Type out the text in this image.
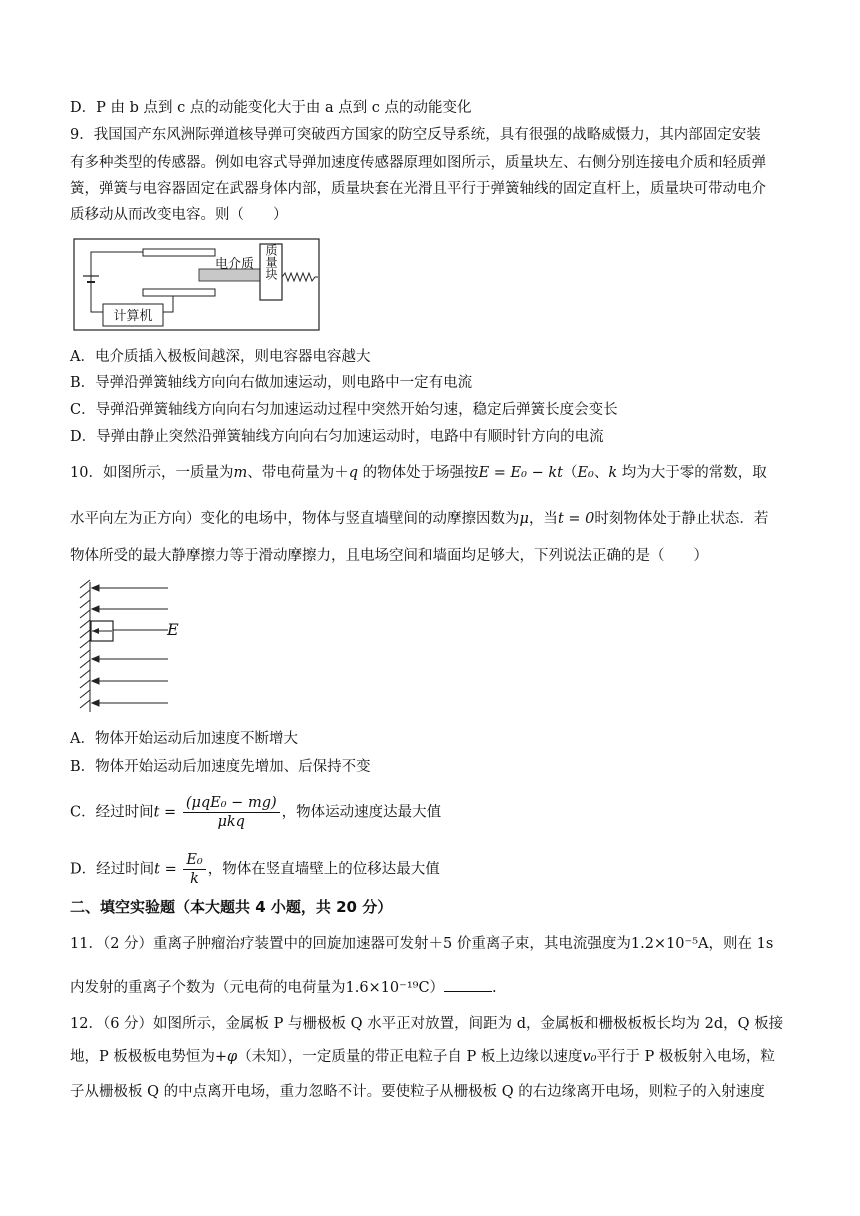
D．P 由 b 点到 c 点的动能变化大于由 a 点到 c 点的动能变化
9．我国国产东风洲际弹道核导弹可突破西方国家的防空反导系统，具有很强的战略威慑力，其内部固定安装
有多种类型的传感器。例如电容式导弹加速度传感器原理如图所示，质量块左、右侧分别连接电介质和轻质弹
簧，弹簧与电容器固定在武器身体内部，质量块套在光滑且平行于弹簧轴线的固定直杆上，质量块可带动电介
质移动从而改变电容。则（　　）
电介质 质量块
计算机
A．电介质插入极板间越深，则电容器电容越大
B．导弹沿弹簧轴线方向向右做加速运动，则电路中一定有电流
C．导弹沿弹簧轴线方向向右匀加速运动过程中突然开始匀速，稳定后弹簧长度会变长
D．导弹由静止突然沿弹簧轴线方向向右匀加速运动时，电路中有顺时针方向的电流
10．如图所示，一质量为m、带电荷量为＋q 的物体处于场强按E = E₀ − kt（E₀、k 均为大于零的常数，取
水平向左为正方向）变化的电场中，物体与竖直墙壁间的动摩擦因数为μ，当t = 0时刻物体处于静止状态．若
物体所受的最大静摩擦力等于滑动摩擦力，且电场空间和墙面均足够大，下列说法正确的是（　　）
E
A．物体开始运动后加速度不断增大
B．物体开始运动后加速度先增加、后保持不变
C．经过时间$t = \frac{\text{(μqE₀ − mg)}}{\text{μkq}}$ ，物体运动速度达最大值
D．经过时间$t = \frac{\text{E₀}}{k}$ ，物体在竖直墙壁上的位移达最大值
二、填空实验题（本大题共 4 小题，共 20 分）
11．（2 分）重离子肿瘤治疗装置中的回旋加速器可发射＋5 价重离子束，其电流强度为1.2×10⁻⁵A，则在 1s
内发射的重离子个数为（元电荷的电荷量为1.6×10⁻¹⁹C）	.
12．（6 分）如图所示，金属板 P 与栅极板 Q 水平正对放置，间距为 d，金属板和栅极板板长均为 2d，Q 板接
地，P 板极板电势恒为+φ（未知），一定质量的带正电粒子自 P 板上边缘以速度v₀平行于 P 极板射入电场，粒
子从栅极板 Q 的中点离开电场，重力忽略不计。要使粒子从栅极板 Q 的右边缘离开电场，则粒子的入射速度
